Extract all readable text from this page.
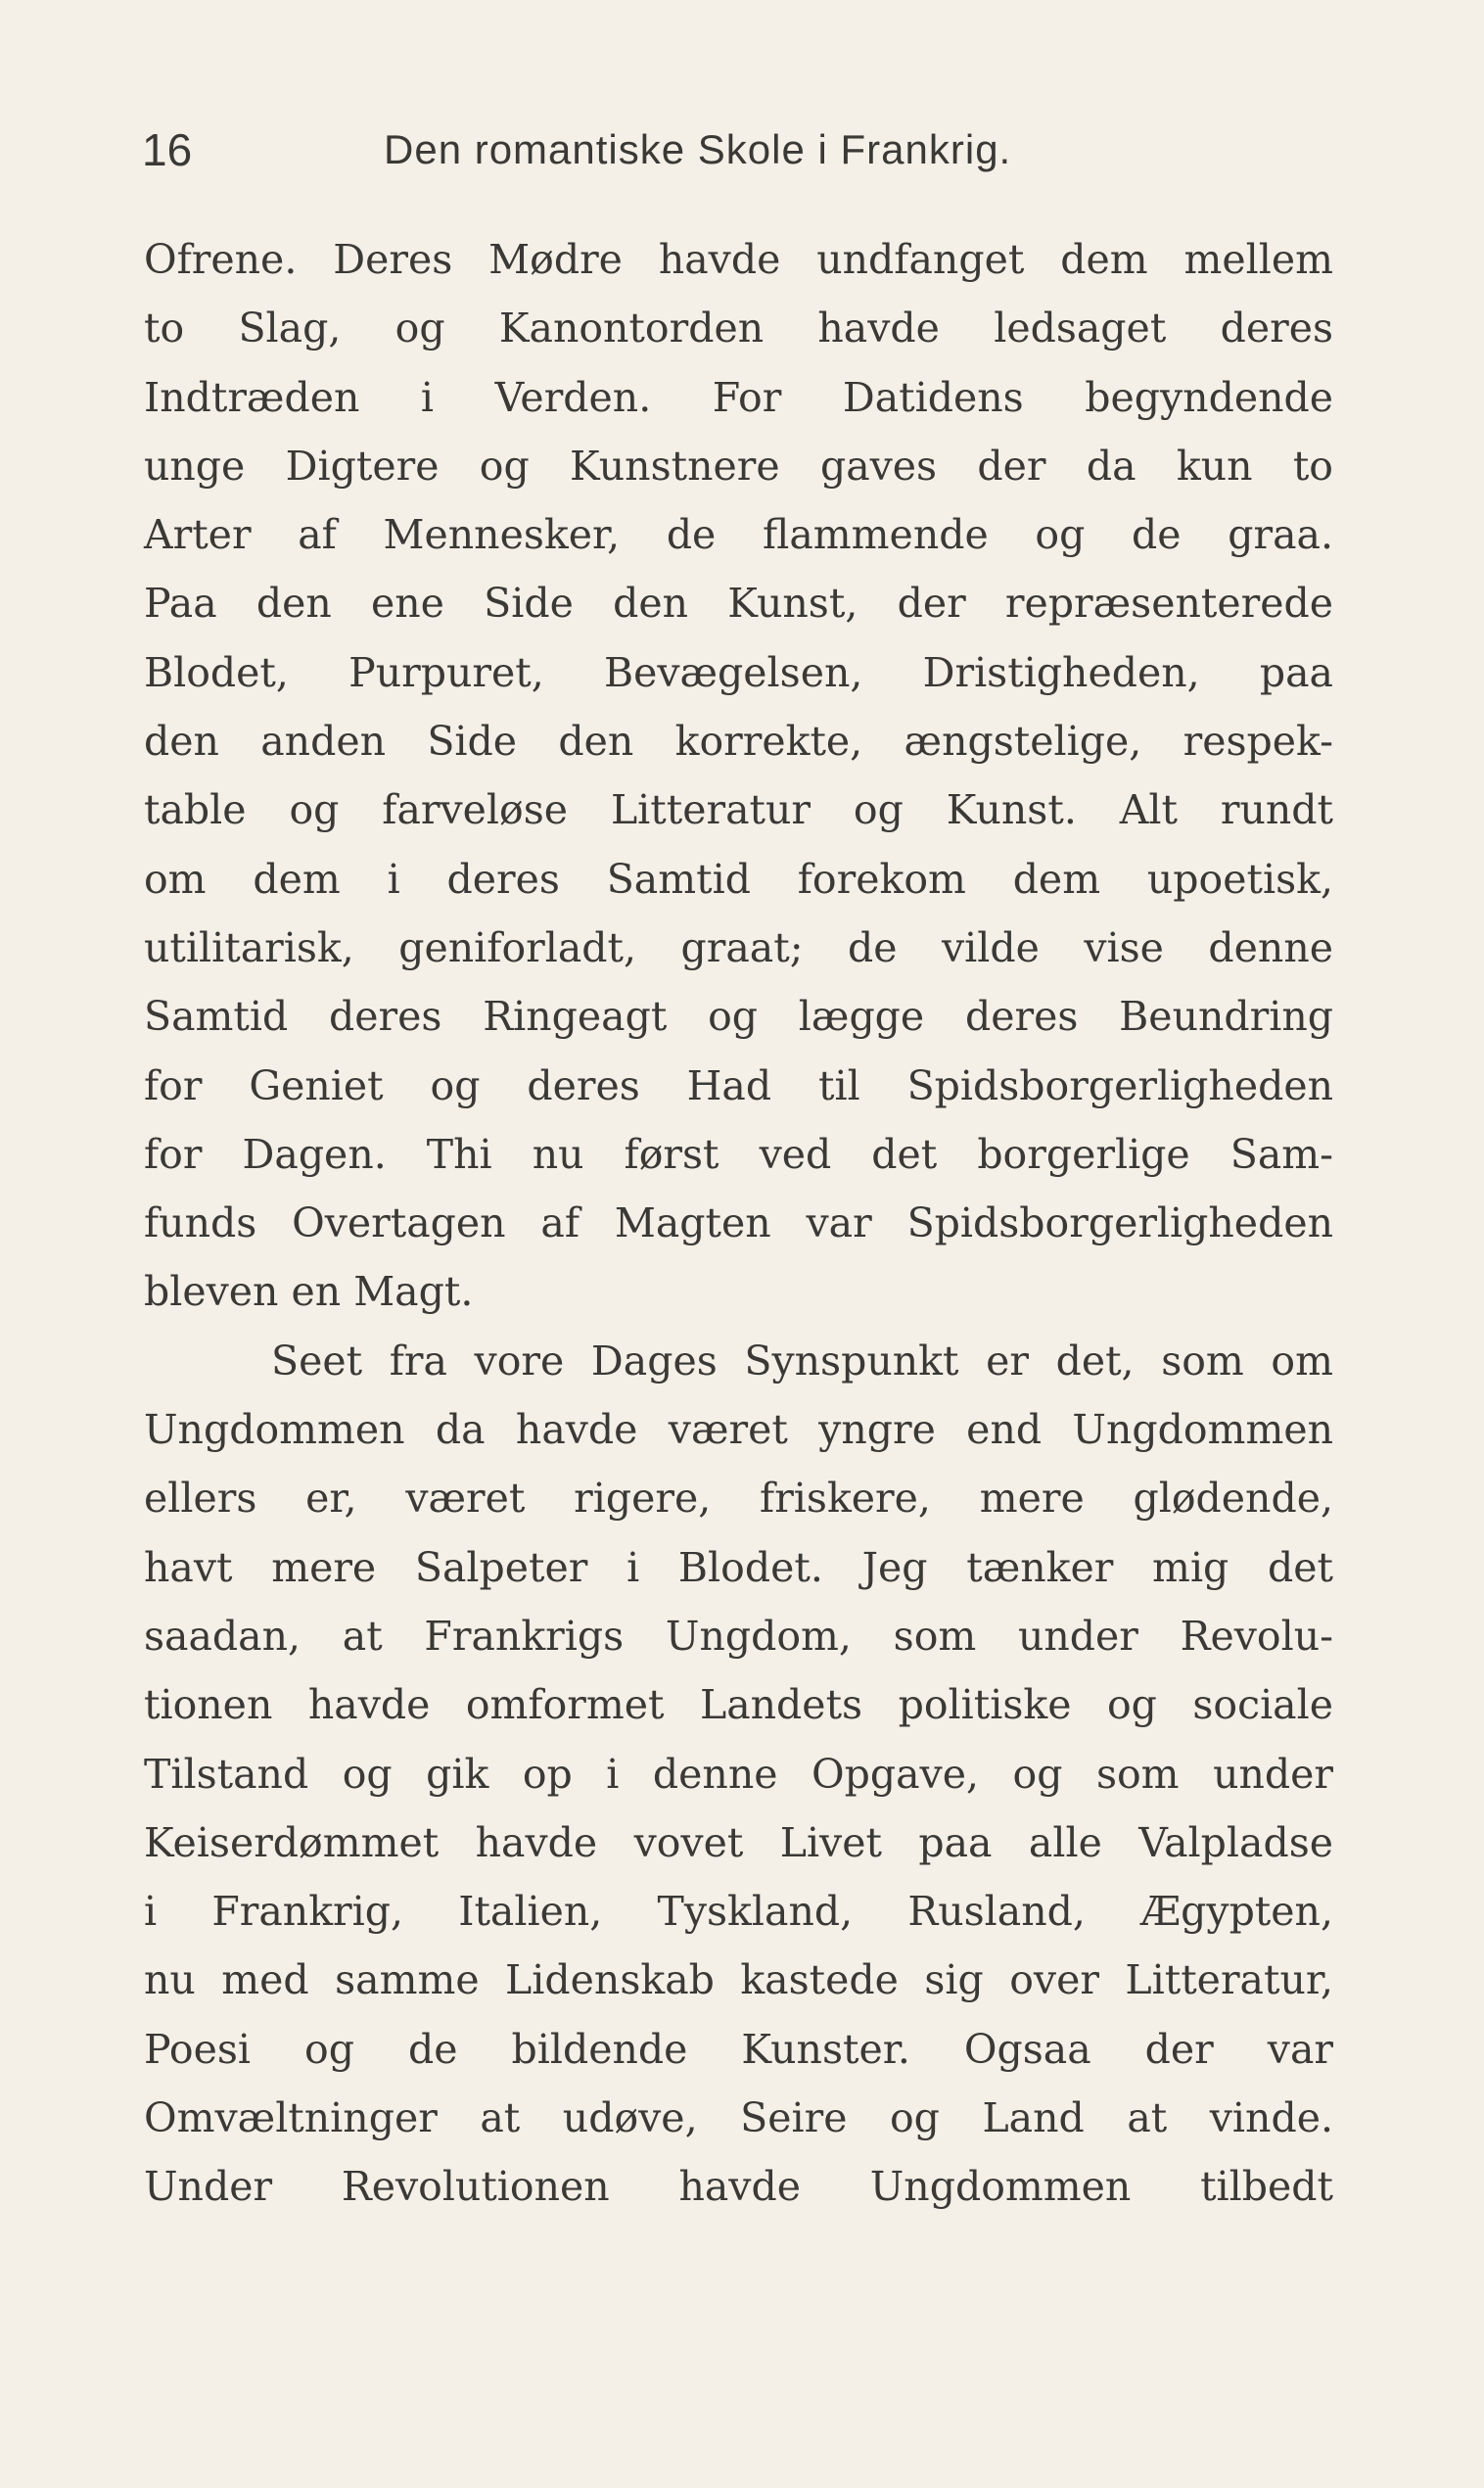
16	Den romantiske Skole i Frankrig.
Ofrene. Deres Mødre havde undfanget dem mellem
to Slag, og Kanontorden havde ledsaget deres
Indtræden i Verden. For Datidens begyndende
unge Digtere og Kunstnere gaves der da kun to
Arter af Mennesker, de flammende og de graa.
Paa den ene Side den Kunst, der repræsenterede
Blodet, Purpuret, Bevægelsen, Dristigheden, paa
den anden Side den korrekte, ængstelige, respek-
table og farveløse Litteratur og Kunst. Alt rundt
om dem i deres Samtid forekom dem upoetisk,
utilitarisk, geniforladt, graat; de vilde vise denne
Samtid deres Ringeagt og lægge deres Beundring
for Geniet og deres Had til Spidsborgerligheden
for Dagen. Thi nu først ved det borgerlige Sam-
funds Overtagen af Magten var Spidsborgerligheden
bleven en Magt.
Seet fra vore Dages Synspunkt er det, som om
Ungdommen da havde været yngre end Ungdommen
ellers er, været rigere, friskere, mere glødende,
havt mere Salpeter i Blodet. Jeg tænker mig det
saadan, at Frankrigs Ungdom, som under Revolu-
tionen havde omformet Landets politiske og sociale
Tilstand og gik op i denne Opgave, og som under
Keiserdømmet havde vovet Livet paa alle Valpladse
i Frankrig, Italien, Tyskland, Rusland, Ægypten,
nu med samme Lidenskab kastede sig over Litteratur,
Poesi og de bildende Kunster. Ogsaa der var
Omvæltninger at udøve, Seire og Land at vinde.
Under Revolutionen havde Ungdommen tilbedt
